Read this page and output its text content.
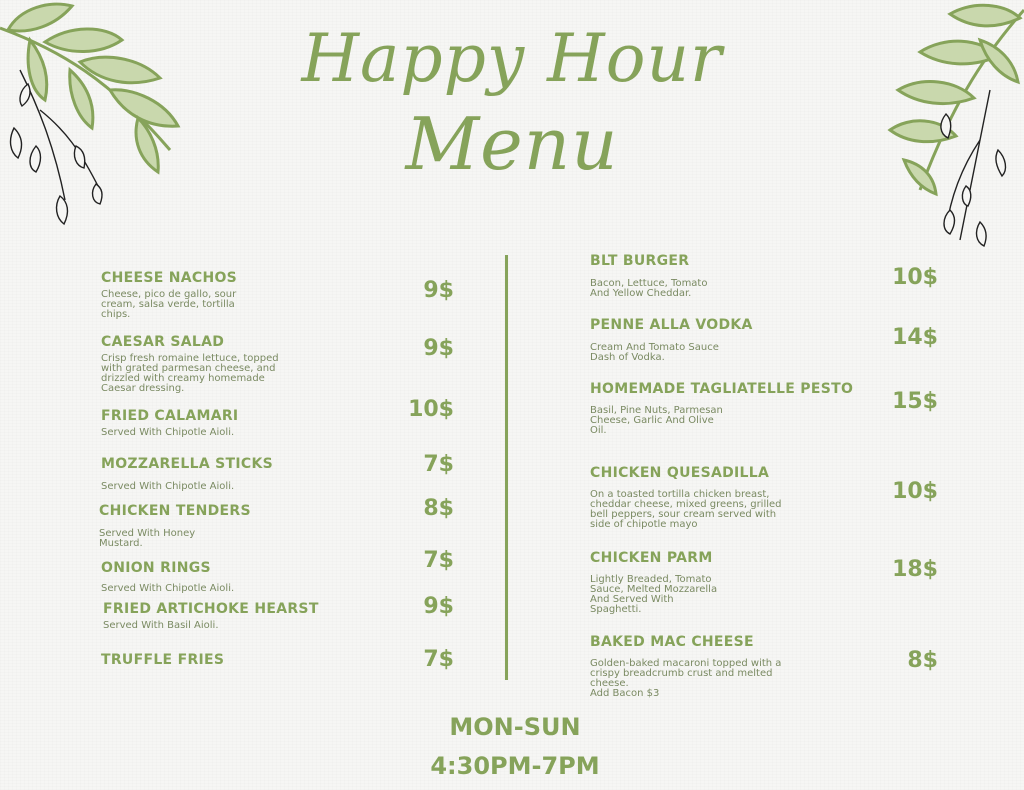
Happy Hour
Menu
CHEESE NACHOS
Cheese, pico de gallo, sour
cream, salsa verde, tortilla
chips.
9$
CAESAR SALAD
Crisp fresh romaine lettuce, topped
with grated parmesan cheese, and
drizzled with creamy homemade
Caesar dressing.
9$
FRIED CALAMARI
Served With Chipotle Aioli.
10$
MOZZARELLA STICKS
Served With Chipotle Aioli.
7$
CHICKEN TENDERS
Served With Honey
Mustard.
8$
ONION RINGS
Served With Chipotle Aioli.
7$
FRIED ARTICHOKE HEARST
Served With Basil Aioli.
9$
TRUFFLE FRIES	7$
BLT BURGER
Bacon, Lettuce, Tomato
And Yellow Cheddar.
10$
PENNE ALLA VODKA
Cream And Tomato Sauce
Dash of Vodka.
14$
HOMEMADE TAGLIATELLE PESTO
Basil, Pine Nuts, Parmesan
Cheese, Garlic And Olive
Oil.
15$
CHICKEN QUESADILLA
On a toasted tortilla chicken breast,
cheddar cheese, mixed greens, grilled
bell peppers, sour cream served with
side of chipotle mayo
10$
CHICKEN PARM
Lightly Breaded, Tomato
Sauce, Melted Mozzarella
And Served With
Spaghetti.
18$
BAKED MAC CHEESE
Golden-baked macaroni topped with a
crispy breadcrumb crust and melted
cheese.
Add Bacon $3
8$
MON-SUN
4:30PM-7PM
